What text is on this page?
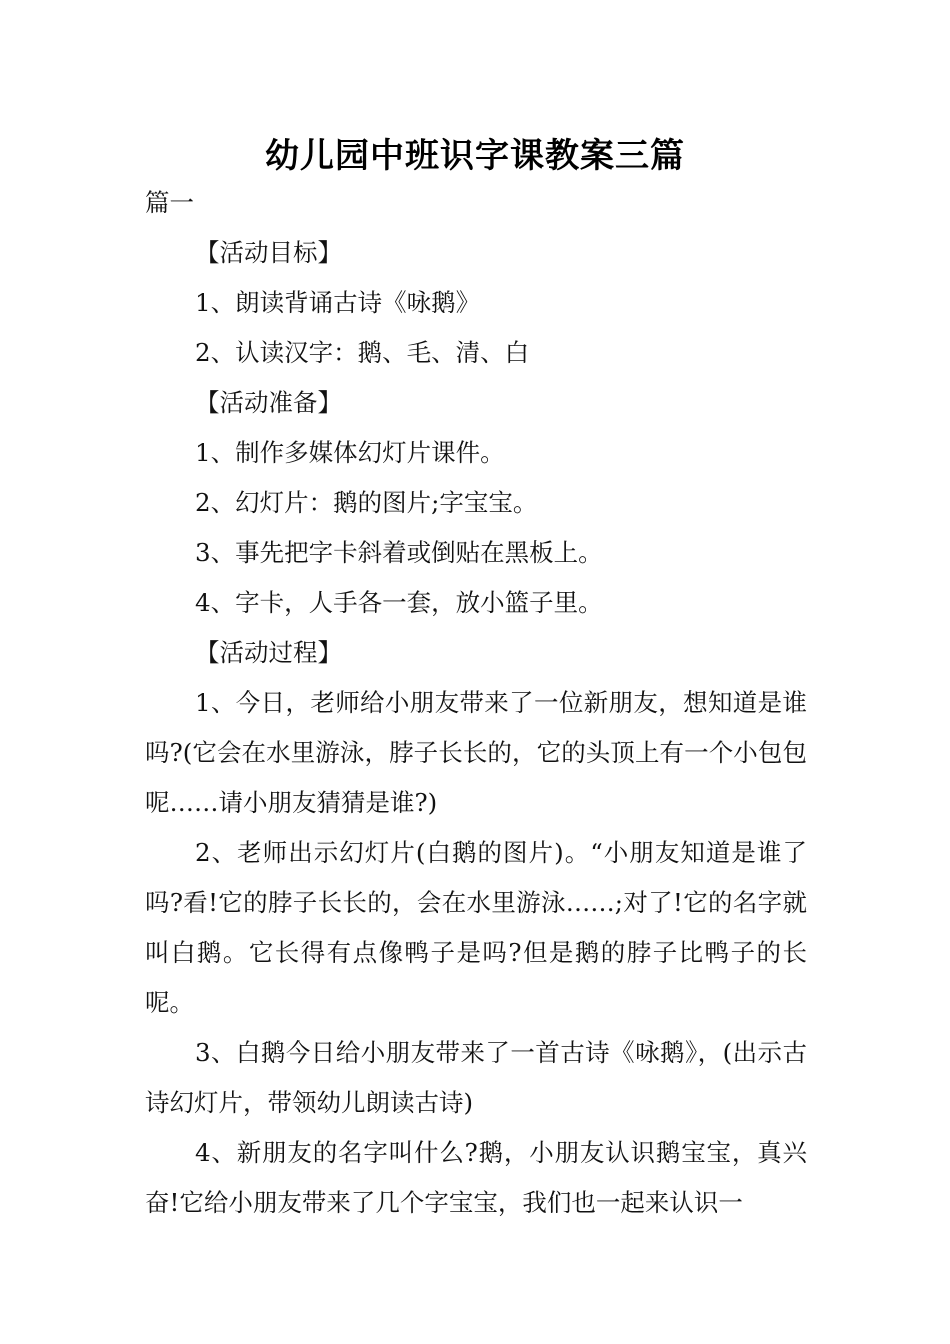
幼儿园中班识字课教案三篇

篇一

【活动目标】

1、朗读背诵古诗《咏鹅》

2、认读汉字：鹅、毛、清、白

【活动准备】

1、制作多媒体幻灯片课件。

2、幻灯片：鹅的图片;字宝宝。

3、事先把字卡斜着或倒贴在黑板上。

4、字卡，人手各一套，放小篮子里。

【活动过程】

1、今日，老师给小朋友带来了一位新朋友，想知道是谁吗?(它会在水里游泳，脖子长长的，它的头顶上有一个小包包呢……请小朋友猜猜是谁?)

2、老师出示幻灯片(白鹅的图片)。“小朋友知道是谁了吗?看!它的脖子长长的，会在水里游泳……;对了!它的名字就叫白鹅。它长得有点像鸭子是吗?但是鹅的脖子比鸭子的长呢。

3、白鹅今日给小朋友带来了一首古诗《咏鹅》，(出示古诗幻灯片，带领幼儿朗读古诗)

4、新朋友的名字叫什么?鹅，小朋友认识鹅宝宝，真兴奋!它给小朋友带来了几个字宝宝，我们也一起来认识一
